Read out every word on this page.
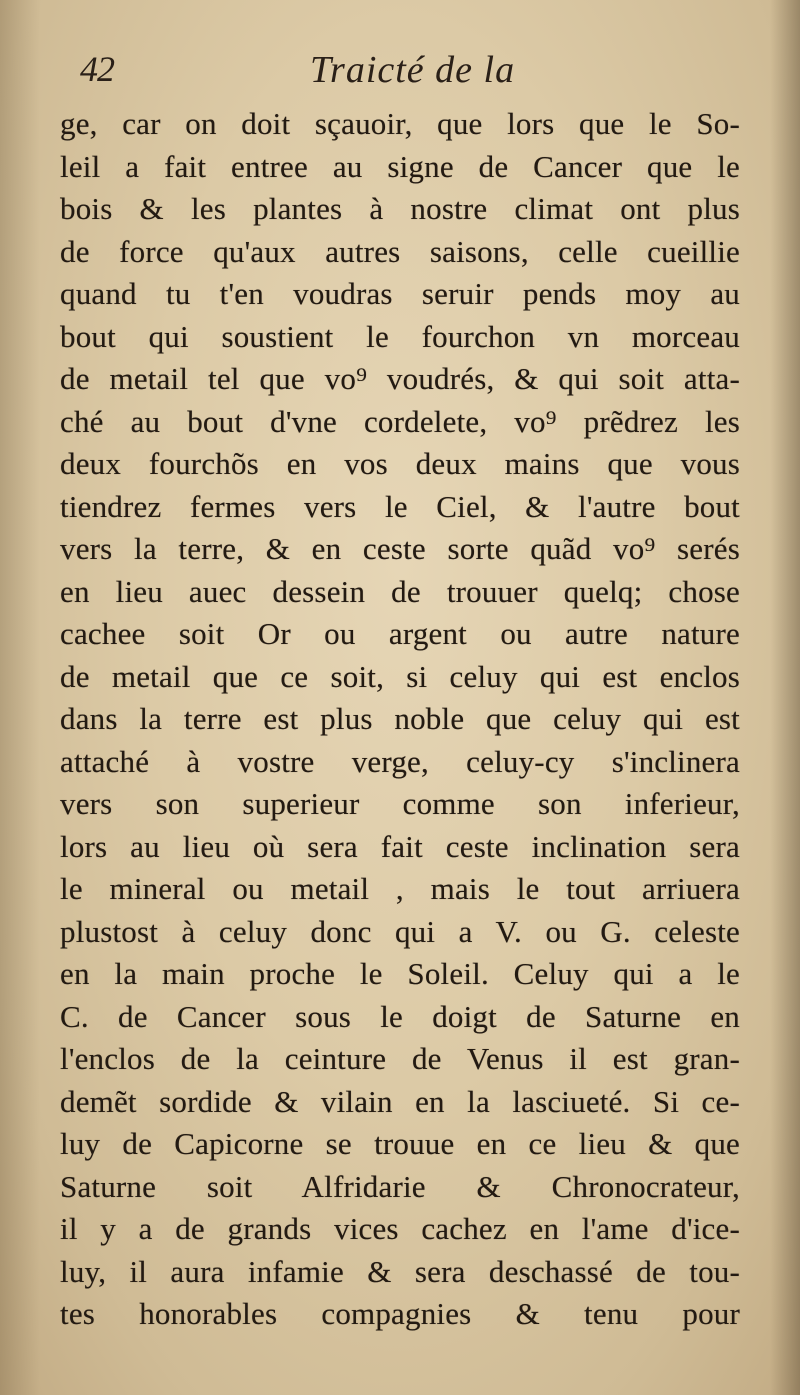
42	Traicté de la
ge, car on doit sçauoir, que lors que le So-
leil a fait entree au signe de Cancer que le
bois & les plantes à nostre climat ont plus
de force qu'aux autres saisons, celle cueillie
quand tu t'en voudras seruir pends moy au
bout qui soustient le fourchon vn morceau
de metail tel que vo⁹ voudrés, & qui soit atta-
ché au bout d'vne cordelete, vo⁹ prẽdrez les
deux fourchõs en vos deux mains que vous
tiendrez fermes vers le Ciel, & l'autre bout
vers la terre, & en ceste sorte quãd vo⁹ serés
en lieu auec dessein de trouuer quelq; chose
cachee soit Or ou argent ou autre nature
de metail que ce soit, si celuy qui est enclos
dans la terre est plus noble que celuy qui est
attaché à vostre verge, celuy-cy s'inclinera
vers son superieur comme son inferieur,
lors au lieu où sera fait ceste inclination sera
le mineral ou metail , mais le tout arriuera
plustost à celuy donc qui a V. ou G. celeste
en la main proche le Soleil. Celuy qui a le
C. de Cancer sous le doigt de Saturne en
l'enclos de la ceinture de Venus il est gran-
demẽt sordide & vilain en la lasciueté. Si ce-
luy de Capicorne se trouue en ce lieu & que
Saturne soit Alfridarie & Chronocrateur,
il y a de grands vices cachez en l'ame d'ice-
luy, il aura infamie & sera deschassé de tou-
tes honorables compagnies & tenu pour
